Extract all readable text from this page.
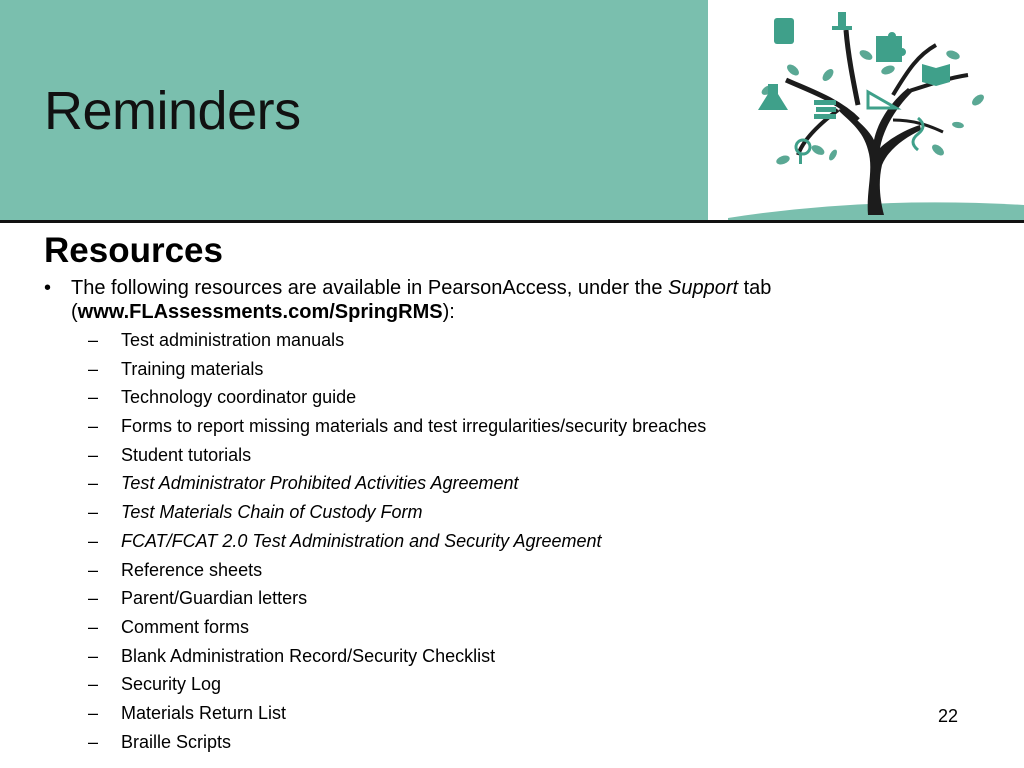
Reminders
Resources
• The following resources are available in PearsonAccess, under the Support tab
(www.FLAssessments.com/SpringRMS):
– Test administration manuals
– Training materials
– Technology coordinator guide
– Forms to report missing materials and test irregularities/security breaches
– Student tutorials
– Test Administrator Prohibited Activities Agreement
– Test Materials Chain of Custody Form
– FCAT/FCAT 2.0 Test Administration and Security Agreement
– Reference sheets
– Parent/Guardian letters
– Comment forms
– Blank Administration Record/Security Checklist
– Security Log
– Materials Return List
– Braille Scripts
22
